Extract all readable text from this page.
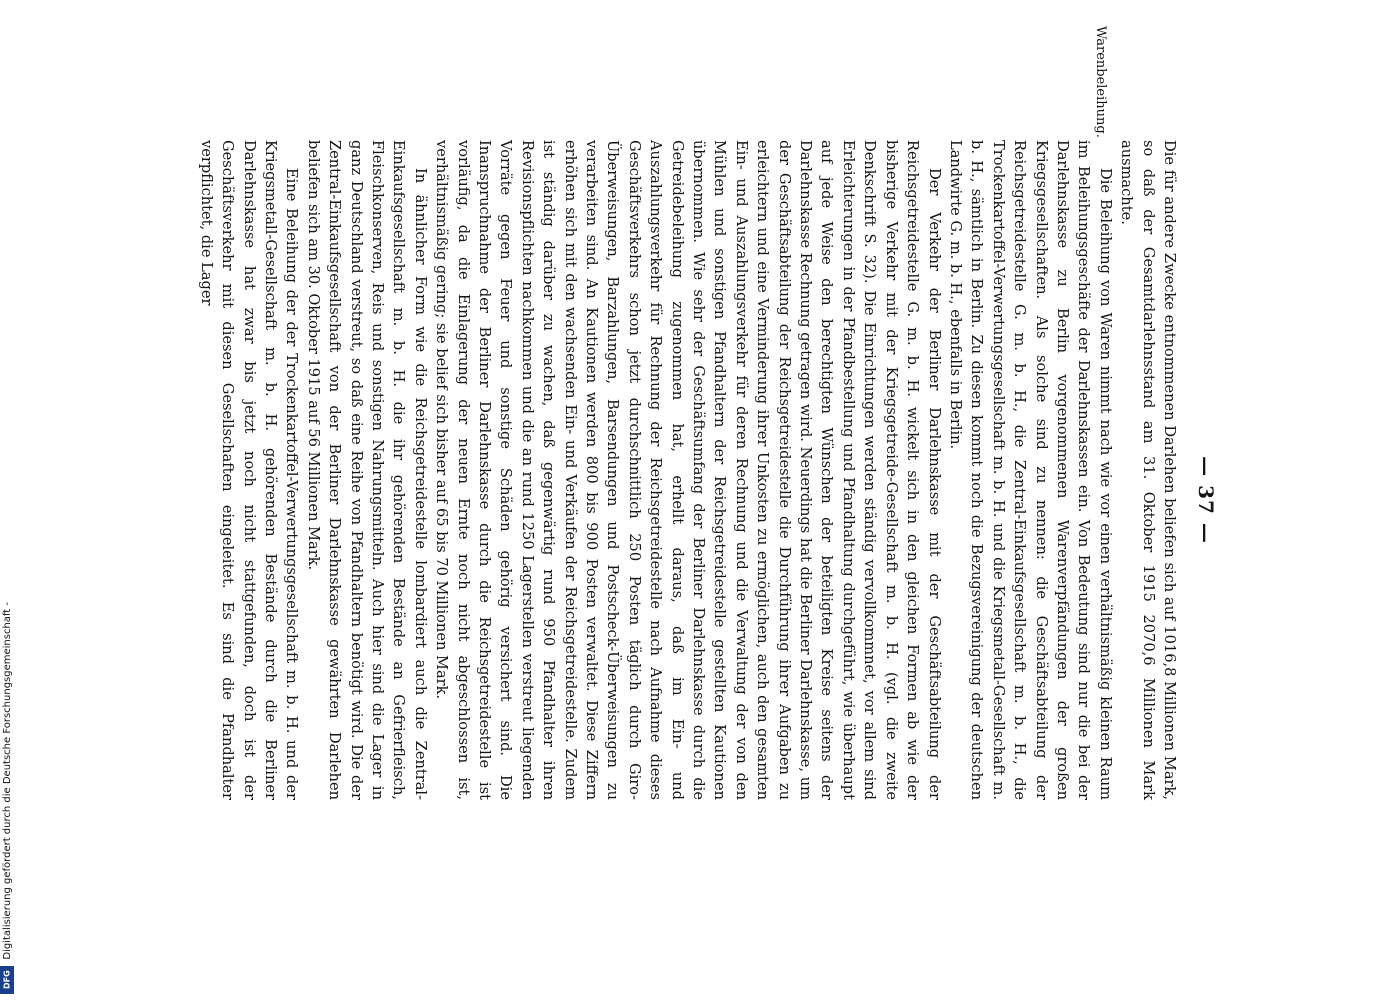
— 37 —
Warenbeleihung.

Die für andere Zwecke entnommenen Darlehen beliefen sich auf 1016,8 Millionen Mark, so daß der Gesamtdarlehnsstand am 31. Oktober 1915 2070,6 Millionen Mark ausmachte.

Die Beleihung von Waren nimmt nach wie vor einen verhältnismäßig kleinen Raum im Beleihungsgeschäfte der Darlehnskassen ein. Von Bedeutung sind nur die bei der Darlehnskasse zu Berlin vorgenommenen Warenverpfändungen der großen Kriegsgesellschaften. Als solche sind zu nennen: die Geschäftsabteilung der Reichsgetreidestelle G. m. b. H., die Zentral-Einkaufsgesellschaft m. b. H., die Trockenkartoffel-Verwertungsgesellschaft m. b. H. und die Kriegsmetall-Gesellschaft m. b. H., sämtlich in Berlin. Zu diesen kommt noch die Bezugsvereinigung der deutschen Landwirte G. m. b. H., ebenfalls in Berlin.

Der Verkehr der Berliner Darlehnskasse mit der Geschäftsabteilung der Reichsgetreidestelle G. m. b. H. wickelt sich in den gleichen Formen ab wie der bisherige Verkehr mit der Kriegsgetreide-Gesellschaft m. b. H. (vgl. die zweite Denkschrift S. 32). Die Einrichtungen werden ständig vervollkommnet, vor allem sind Erleichterungen in der Pfandbestellung und Pfandhaltung durchgeführt, wie überhaupt auf jede Weise den berechtigten Wünschen der beteiligten Kreise seitens der Darlehnskasse Rechnung getragen wird. Neuerdings hat die Berliner Darlehnskasse, um der Geschäftsabteilung der Reichsgetreidestelle die Durchführung ihrer Aufgaben zu erleichtern und eine Verminderung ihrer Unkosten zu ermöglichen, auch den gesamten Ein- und Auszahlungsverkehr für deren Rechnung und die Verwaltung der von den Mühlen und sonstigen Pfandhaltern der Reichsgetreidestelle gestellten Kautionen übernommen. Wie sehr der Geschäftsumfang der Berliner Darlehnskasse durch die Getreidebeleihung zugenommen hat, erhellt daraus, daß im Ein- und Auszahlungsverkehr für Rechnung der Reichsgetreidestelle nach Aufnahme dieses Geschäftsverkehrs schon jetzt durchschnittlich 250 Posten täglich durch Giro-Überweisungen, Barzahlungen, Barsendungen und Postscheck-Überweisungen zu verarbeiten sind. An Kautionen werden 800 bis 900 Posten verwaltet. Diese Ziffern erhöhen sich mit den wachsenden Ein- und Verkäufen der Reichsgetreidestelle. Zudem ist ständig darüber zu wachen, daß gegenwärtig rund 950 Pfandhalter ihren Revisionspflichten nachkommen und die an rund 1250 Lagerstellen verstreut liegenden Vorräte gegen Feuer und sonstige Schäden gehörig versichert sind. Die Inanspruchnahme der Berliner Darlehnskasse durch die Reichsgetreidestelle ist vorläufig, da die Einlagerung der neuen Ernte noch nicht abgeschlossen ist, verhältnismäßig gering; sie belief sich bisher auf 65 bis 70 Millionen Mark.

In ähnlicher Form wie die Reichsgetreidestelle lombardiert auch die Zentral-Einkaufsgesellschaft m. b. H. die ihr gehörenden Bestände an Gefrierfleisch, Fleischkonserven, Reis und sonstigen Nahrungsmitteln. Auch hier sind die Lager in ganz Deutschland verstreut, so daß eine Reihe von Pfandhaltern benötigt wird. Die der Zentral-Einkaufsgesellschaft von der Berliner Darlehnskasse gewährten Darlehen beliefen sich am 30. Oktober 1915 auf 56 Millionen Mark.

Eine Beleihung der der Trockenkartoffel-Verwertungsgesellschaft m. b. H. und der Kriegsmetall-Gesellschaft m. b. H. gehörenden Bestände durch die Berliner Darlehnskasse hat zwar bis jetzt noch nicht stattgefunden, doch ist der Geschäftsverkehr mit diesen Gesellschaften eingeleitet. Es sind die Pfandhalter verpflichtet, die Lager

Digitalisierung gefördert durch die Deutsche Forschungsgemeinschaft -
DFG
